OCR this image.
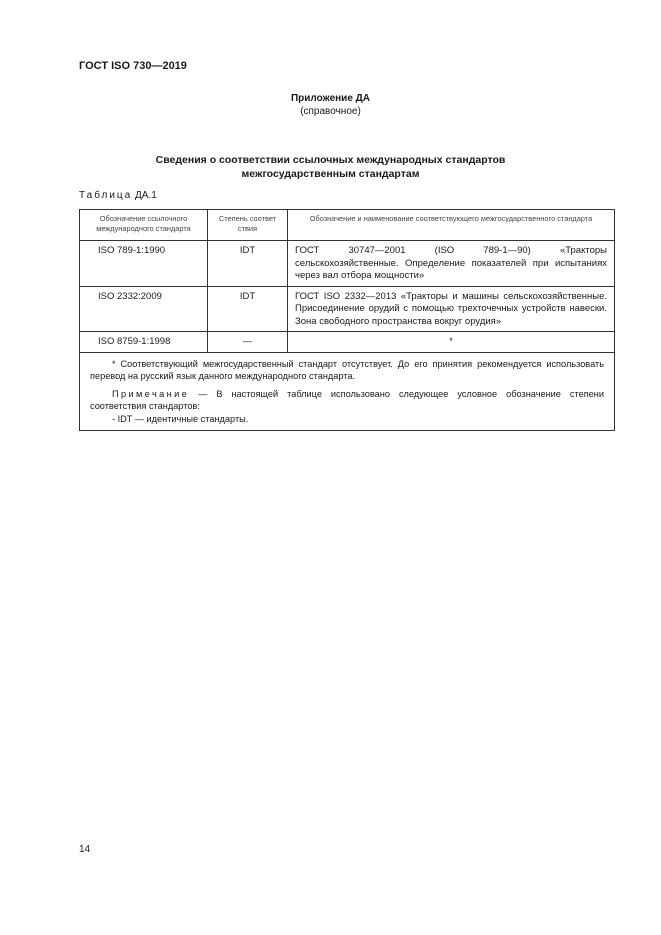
ГОСТ ISO 730—2019
Приложение ДА
(справочное)
Сведения о соответствии ссылочных международных стандартов
межгосударственным стандартам
Таблица ДА.1
Обозначение ссылочного международного стандарта	Степень соответ ствия	Обозначение и наименование соответствующего межгосударственного стандарта
ISO 789-1:1990	IDT	ГОСТ 30747—2001 (ISO 789-1—90) «Тракторы сельскохозяйственные. Определение показателей при испытаниях через вал отбора мощности»
ISO 2332:2009	IDT	ГОСТ ISO 2332—2013 «Тракторы и машины сельскохозяйственные. Присоединение орудий с помощью трехточечных устройств навески. Зона свободного пространства вокруг орудия»
ISO 8759-1:1998	—	*

* Соответствующий межгосударственный стандарт отсутствует. До его принятия рекомендуется использовать перевод на русский язык данного международного стандарта.

Примечание — В настоящей таблице использовано следующее условное обозначение степени соответствия стандартов:

- IDT — идентичные стандарты.		
14
